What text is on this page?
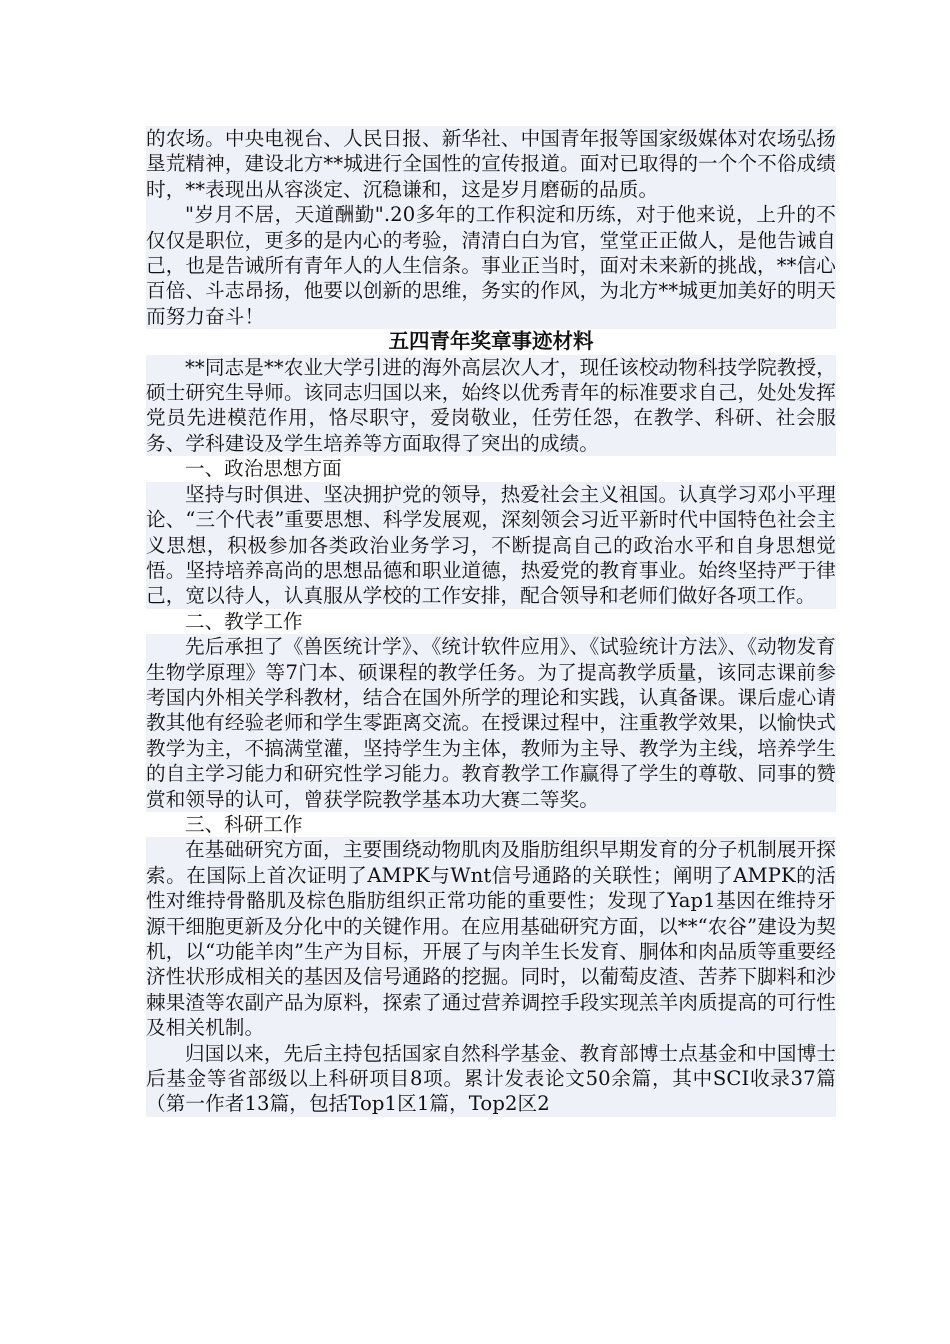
的农场。中央电视台、人民日报、新华社、中国青年报等国家级媒体对农场弘扬垦荒精神，建设北方**城进行全国性的宣传报道。面对已取得的一个个不俗成绩时，**表现出从容淡定、沉稳谦和，这是岁月磨砺的品质。

"岁月不居，天道酬勤".20多年的工作积淀和历练，对于他来说，上升的不仅仅是职位，更多的是内心的考验，清清白白为官，堂堂正正做人，是他告诫自己，也是告诫所有青年人的人生信条。事业正当时，面对未来新的挑战，**信心百倍、斗志昂扬，他要以创新的思维，务实的作风，为北方**城更加美好的明天而努力奋斗！

五四青年奖章事迹材料

**同志是**农业大学引进的海外高层次人才，现任该校动物科技学院教授，硕士研究生导师。该同志归国以来，始终以优秀青年的标准要求自己，处处发挥党员先进模范作用，恪尽职守，爱岗敬业，任劳任怨，在教学、科研、社会服务、学科建设及学生培养等方面取得了突出的成绩。

一、政治思想方面

坚持与时俱进、坚决拥护党的领导，热爱社会主义祖国。认真学习邓小平理论、“三个代表”重要思想、科学发展观，深刻领会习近平新时代中国特色社会主义思想，积极参加各类政治业务学习，不断提高自己的政治水平和自身思想觉悟。坚持培养高尚的思想品德和职业道德，热爱党的教育事业。始终坚持严于律己，宽以待人，认真服从学校的工作安排，配合领导和老师们做好各项工作。

二、教学工作

先后承担了《兽医统计学》、《统计软件应用》、《试验统计方法》、《动物发育生物学原理》等7门本、硕课程的教学任务。为了提高教学质量，该同志课前参考国内外相关学科教材，结合在国外所学的理论和实践，认真备课。课后虚心请教其他有经验老师和学生零距离交流。在授课过程中，注重教学效果，以愉快式教学为主，不搞满堂灌，坚持学生为主体，教师为主导、教学为主线，培养学生的自主学习能力和研究性学习能力。教育教学工作赢得了学生的尊敬、同事的赞赏和领导的认可，曾获学院教学基本功大赛二等奖。

三、科研工作

在基础研究方面，主要围绕动物肌肉及脂肪组织早期发育的分子机制展开探索。在国际上首次证明了AMPK与Wnt信号通路的关联性；阐明了AMPK的活性对维持骨骼肌及棕色脂肪组织正常功能的重要性；发现了Yap1基因在维持牙源干细胞更新及分化中的关键作用。在应用基础研究方面，以**“农谷”建设为契机，以“功能羊肉”生产为目标，开展了与肉羊生长发育、胴体和肉品质等重要经济性状形成相关的基因及信号通路的挖掘。同时，以葡萄皮渣、苦荞下脚料和沙棘果渣等农副产品为原料，探索了通过营养调控手段实现羔羊肉质提高的可行性及相关机制。

归国以来，先后主持包括国家自然科学基金、教育部博士点基金和中国博士后基金等省部级以上科研项目8项。累计发表论文50余篇，其中SCI收录37篇（第一作者13篇，包括Top1区1篇，Top2区2
